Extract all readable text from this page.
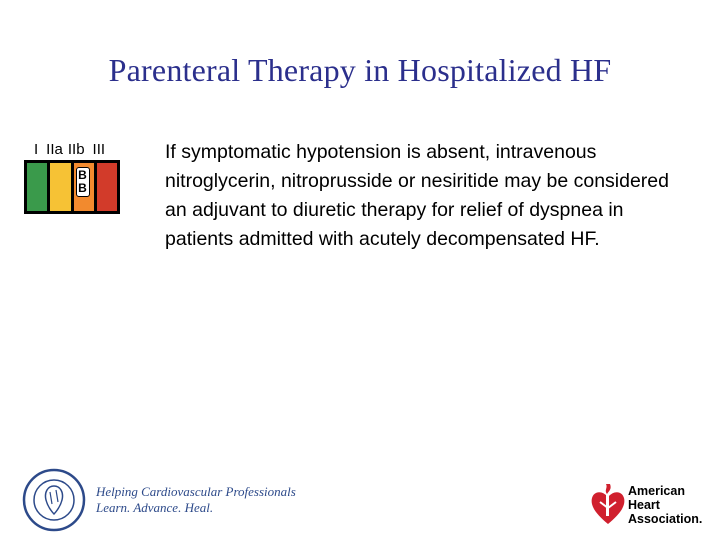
Parenteral Therapy in Hospitalized HF
I IIa IIb III
B
B
If symptomatic hypotension is absent, intravenous nitroglycerin, nitroprusside or nesiritide may be considered an adjuvant to diuretic therapy for relief of dyspnea in patients admitted with acutely decompensated HF.
Helping Cardiovascular Professionals
Learn. Advance. Heal.
American
Heart
Association.
